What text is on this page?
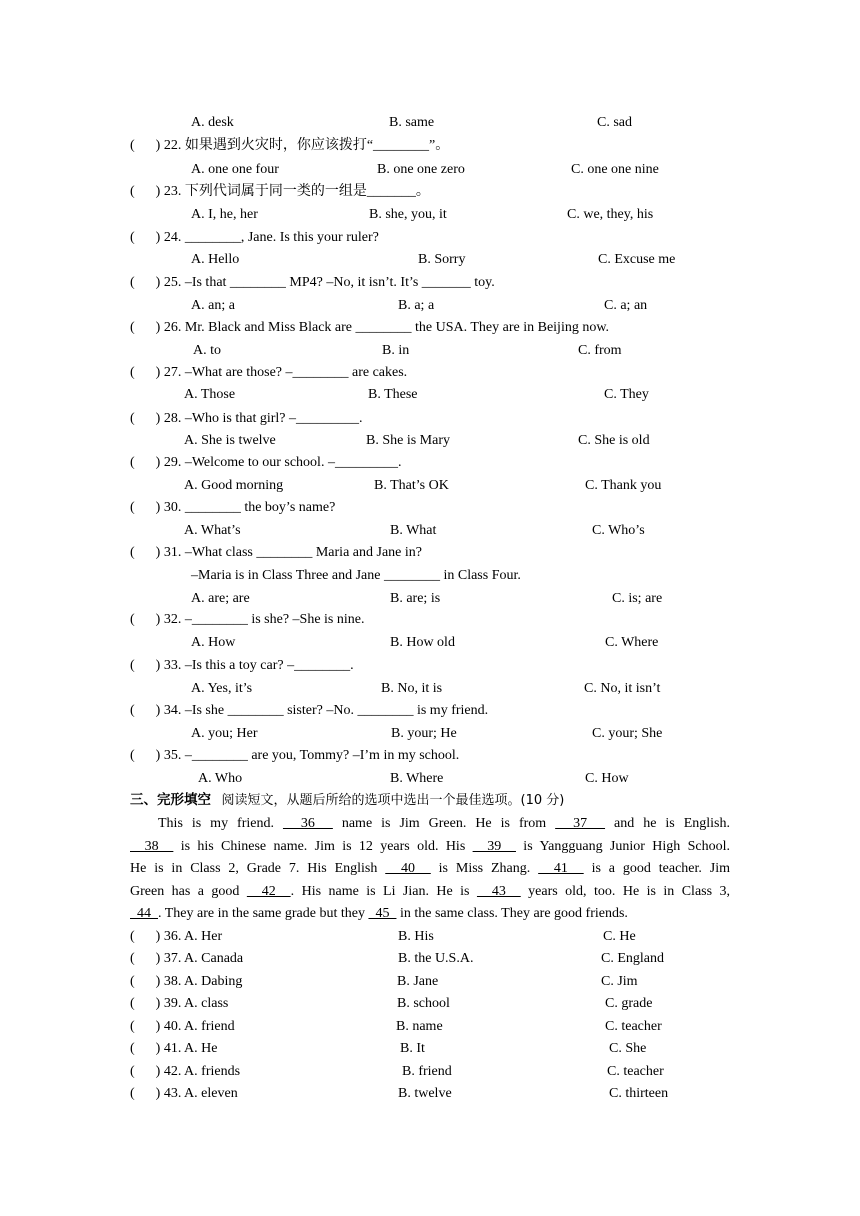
A. desk	B. same	C. sad
(      ) 22. 如果遇到火灾时，你应该拨打“________”。
A. one one four	B. one one zero	C. one one nine
(      ) 23. 下列代词属于同一类的一组是_______。
A. I, he, her	B. she, you, it	C. we, they, his
(      ) 24. ________, Jane. Is this your ruler?
A. Hello	B. Sorry	C. Excuse me
(      ) 25. –Is that ________ MP4? –No, it isn’t. It’s _______ toy.
A. an; a	B. a; a	C. a; an
(      ) 26. Mr. Black and Miss Black are ________ the USA. They are in Beijing now.
A. to	B. in	C. from
(      ) 27. –What are those? –________ are cakes.
A. Those	B. These	C. They
(      ) 28. –Who is that girl? –_________.
A. She is twelve	B. She is Mary	C. She is old
(      ) 29. –Welcome to our school. –_________.
A. Good morning	B. That’s OK	C. Thank you
(      ) 30. ________ the boy’s name?
A. What’s	B. What	C. Who’s
(      ) 31. –What class ________ Maria and Jane in?
–Maria is in Class Three and Jane ________ in Class Four.
A. are; are	B. are; is	C. is; are
(      ) 32. –________ is she? –She is nine.
A. How	B. How old	C. Where
(      ) 33. –Is this a toy car? –________.
A. Yes, it’s	B. No, it is	C. No, it isn’t
(      ) 34. –Is she ________ sister? –No. ________ is my friend.
A. you; Her	B. your; He	C. your; She
(      ) 35. –________ are you, Tommy? –I’m in my school.
A. Who	B. Where	C. How
三、完形填空 阅读短文，从题后所给的选项中选出一个最佳选项。(10 分)
This is my friend.   36   name is Jim Green. He is from   37   and he is English.
38   is his Chinese name. Jim is 12 years old. His   39   is Yangguang Junior High School.
He is in Class 2, Grade 7. His English   40   is Miss Zhang.   41   is a good teacher. Jim
Green has a good   42  . His name is Li Jian. He is   43   years old, too. He is in Class 3,
44  . They are in the same grade but they   45   in the same class. They are good friends.
(      ) 36. A. Her	B. His	C. He
(      ) 37. A. Canada	B. the U.S.A.	C. England
(      ) 38. A. Dabing	B. Jane	C. Jim
(      ) 39. A. class	B. school	C. grade
(      ) 40. A. friend	B. name	C. teacher
(      ) 41. A. He	B. It	C. She
(      ) 42. A. friends	B. friend	C. teacher
(      ) 43. A. eleven	B. twelve	C. thirteen
